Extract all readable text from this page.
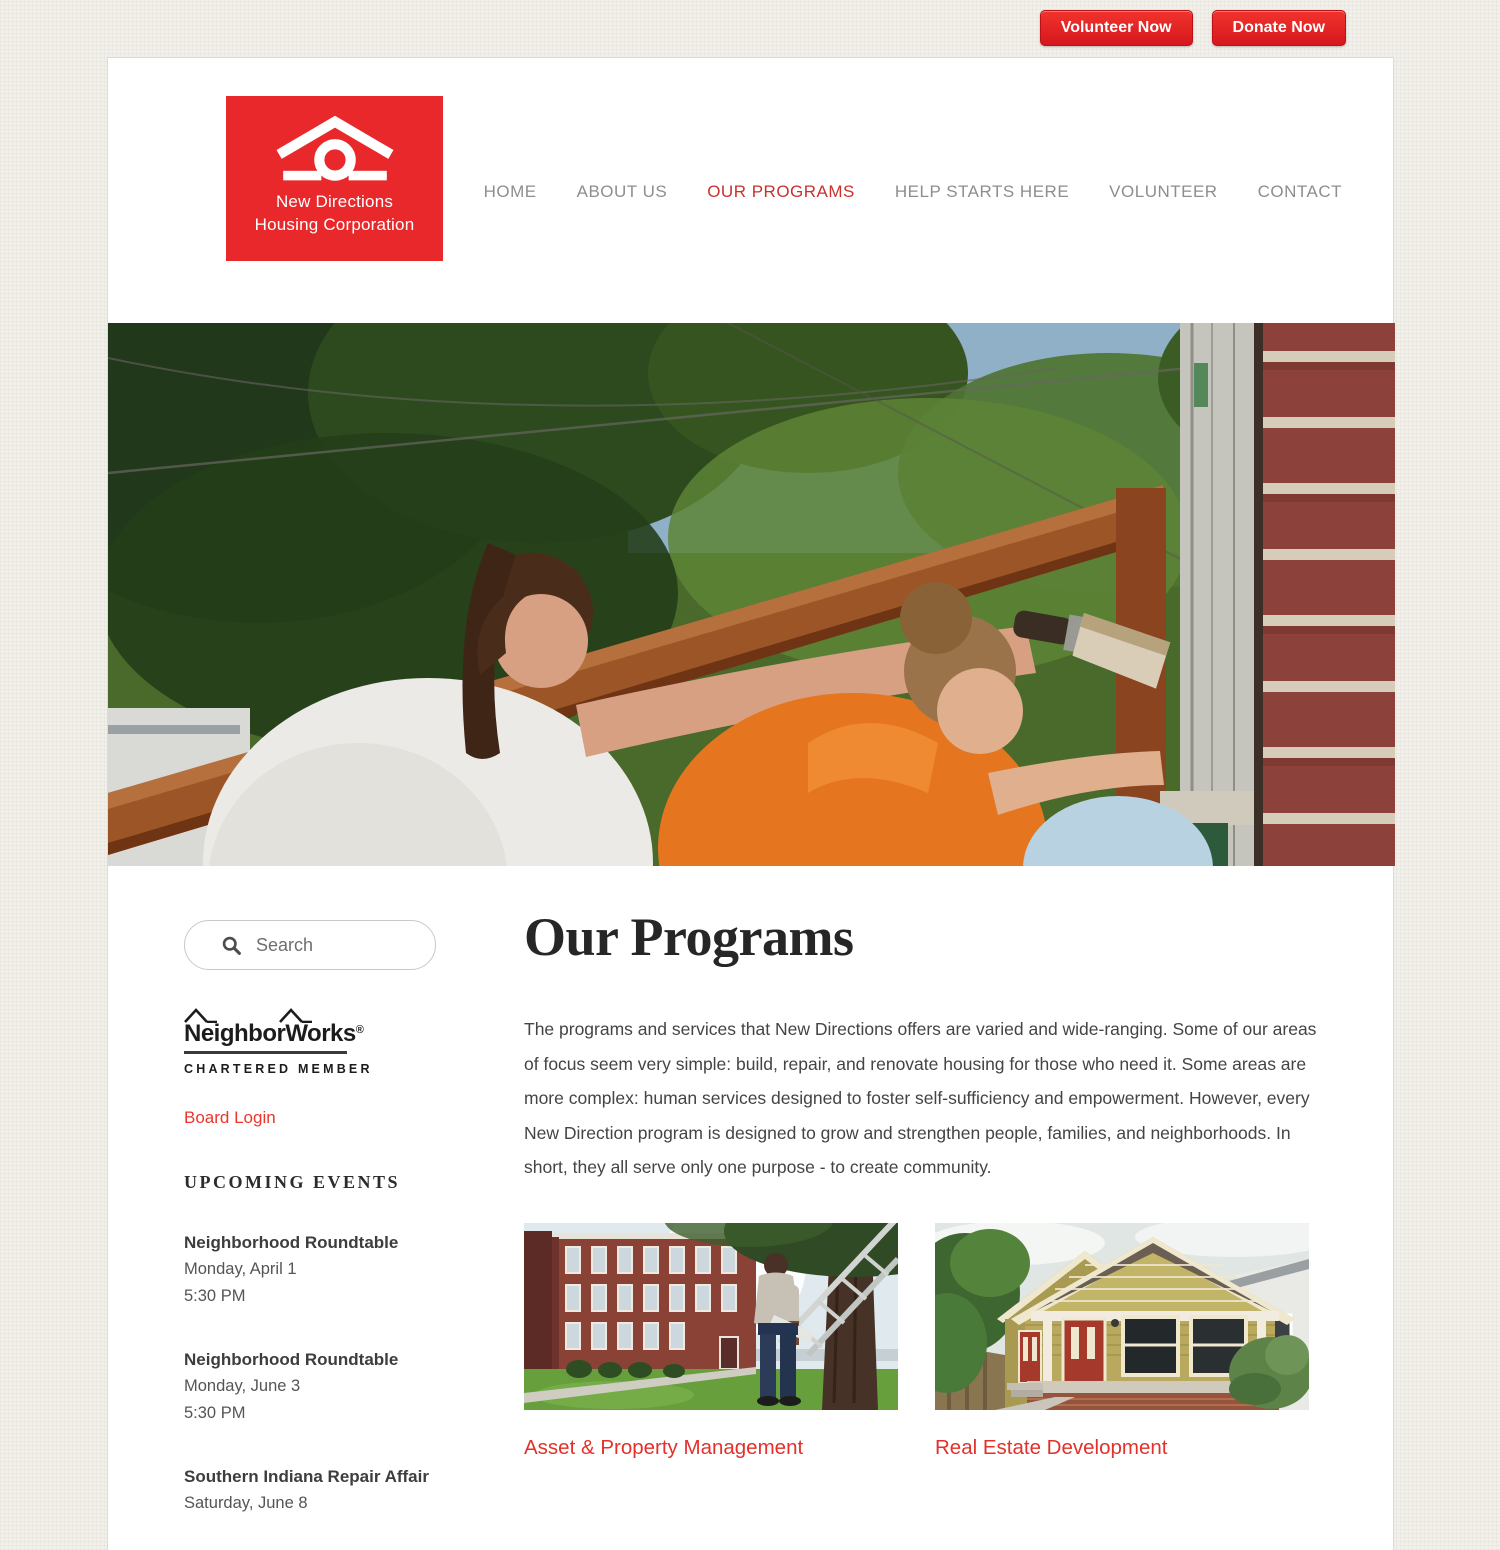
Volunteer Now	Donate Now
New Directions
Housing Corporation
HOME ABOUT US OUR PROGRAMS HELP STARTS HERE VOLUNTEER CONTACT
Search
NeighborWorks®
CHARTERED MEMBER
Board Login
UPCOMING EVENTS
Neighborhood Roundtable
Monday, April 1
5:30 PM
Neighborhood Roundtable
Monday, June 3
5:30 PM
Southern Indiana Repair Affair
Saturday, June 8
Our Programs

The programs and services that New Directions offers are varied and wide-ranging. Some of our areas of focus seem very simple: build, repair, and renovate housing for those who need it. Some areas are more complex: human services designed to foster self-sufficiency and empowerment. However, every New Direction program is designed to grow and strengthen people, families, and neighborhoods. In short, they all serve only one purpose - to create community.

Asset & Property Management	Real Estate Development
